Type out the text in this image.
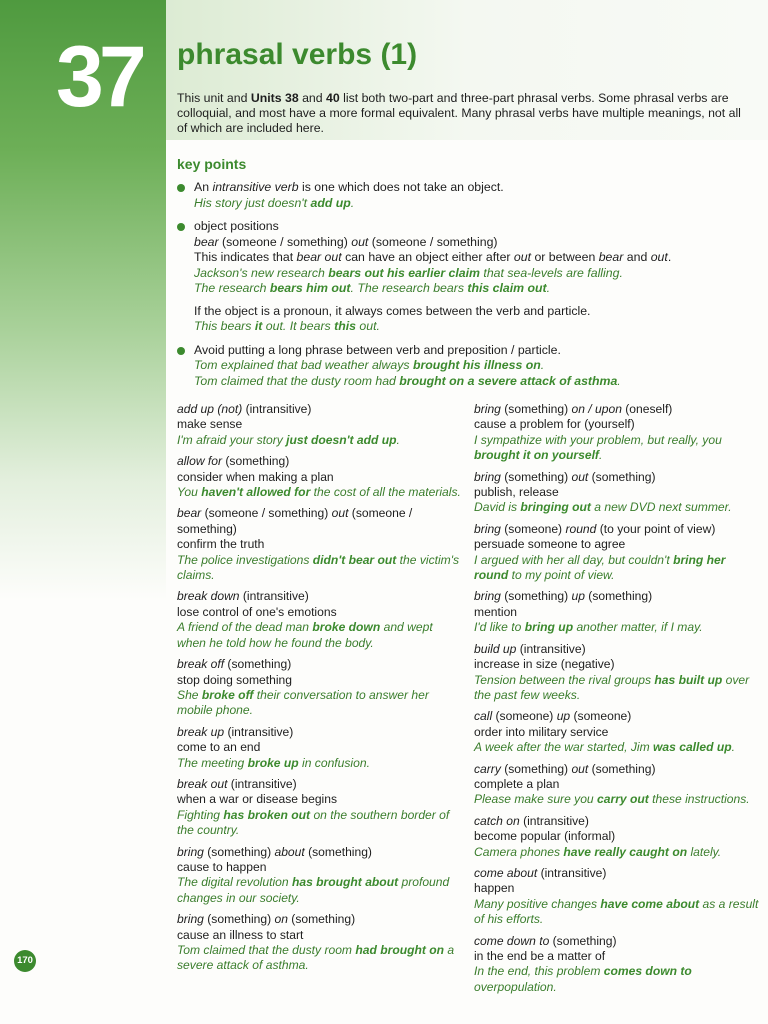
37 phrasal verbs (1)
This unit and Units 38 and 40 list both two-part and three-part phrasal verbs. Some phrasal verbs are colloquial, and most have a more formal equivalent. Many phrasal verbs have multiple meanings, not all of which are included here.
key points
An intransitive verb is one which does not take an object.
His story just doesn't add up.
object positions
bear (someone / something) out (someone / something)
This indicates that bear out can have an object either after out or between bear and out.
Jackson's new research bears out his earlier claim that sea-levels are falling.
The research bears him out. The research bears this claim out.
If the object is a pronoun, it always comes between the verb and particle.
This bears it out. It bears this out.
Avoid putting a long phrase between verb and preposition / particle.
Tom explained that bad weather always brought his illness on.
Tom claimed that the dusty room had brought on a severe attack of asthma.
add up (not) (intransitive)
make sense
I'm afraid your story just doesn't add up.
allow for (something)
consider when making a plan
You haven't allowed for the cost of all the materials.
bear (someone / something) out (someone / something)
confirm the truth
The police investigations didn't bear out the victim's claims.
break down (intransitive)
lose control of one's emotions
A friend of the dead man broke down and wept when he told how he found the body.
break off (something)
stop doing something
She broke off their conversation to answer her mobile phone.
break up (intransitive)
come to an end
The meeting broke up in confusion.
break out (intransitive)
when a war or disease begins
Fighting has broken out on the southern border of the country.
bring (something) about (something)
cause to happen
The digital revolution has brought about profound changes in our society.
bring (something) on (something)
cause an illness to start
Tom claimed that the dusty room had brought on a severe attack of asthma.
bring (something) on / upon (oneself)
cause a problem for (yourself)
I sympathize with your problem, but really, you brought it on yourself.
bring (something) out (something)
publish, release
David is bringing out a new DVD next summer.
bring (someone) round (to your point of view)
persuade someone to agree
I argued with her all day, but couldn't bring her round to my point of view.
bring (something) up (something)
mention
I'd like to bring up another matter, if I may.
build up (intransitive)
increase in size (negative)
Tension between the rival groups has built up over the past few weeks.
call (someone) up (someone)
order into military service
A week after the war started, Jim was called up.
carry (something) out (something)
complete a plan
Please make sure you carry out these instructions.
catch on (intransitive)
become popular (informal)
Camera phones have really caught on lately.
come about (intransitive)
happen
Many positive changes have come about as a result of his efforts.
come down to (something)
in the end be a matter of
In the end, this problem comes down to overpopulation.
170
